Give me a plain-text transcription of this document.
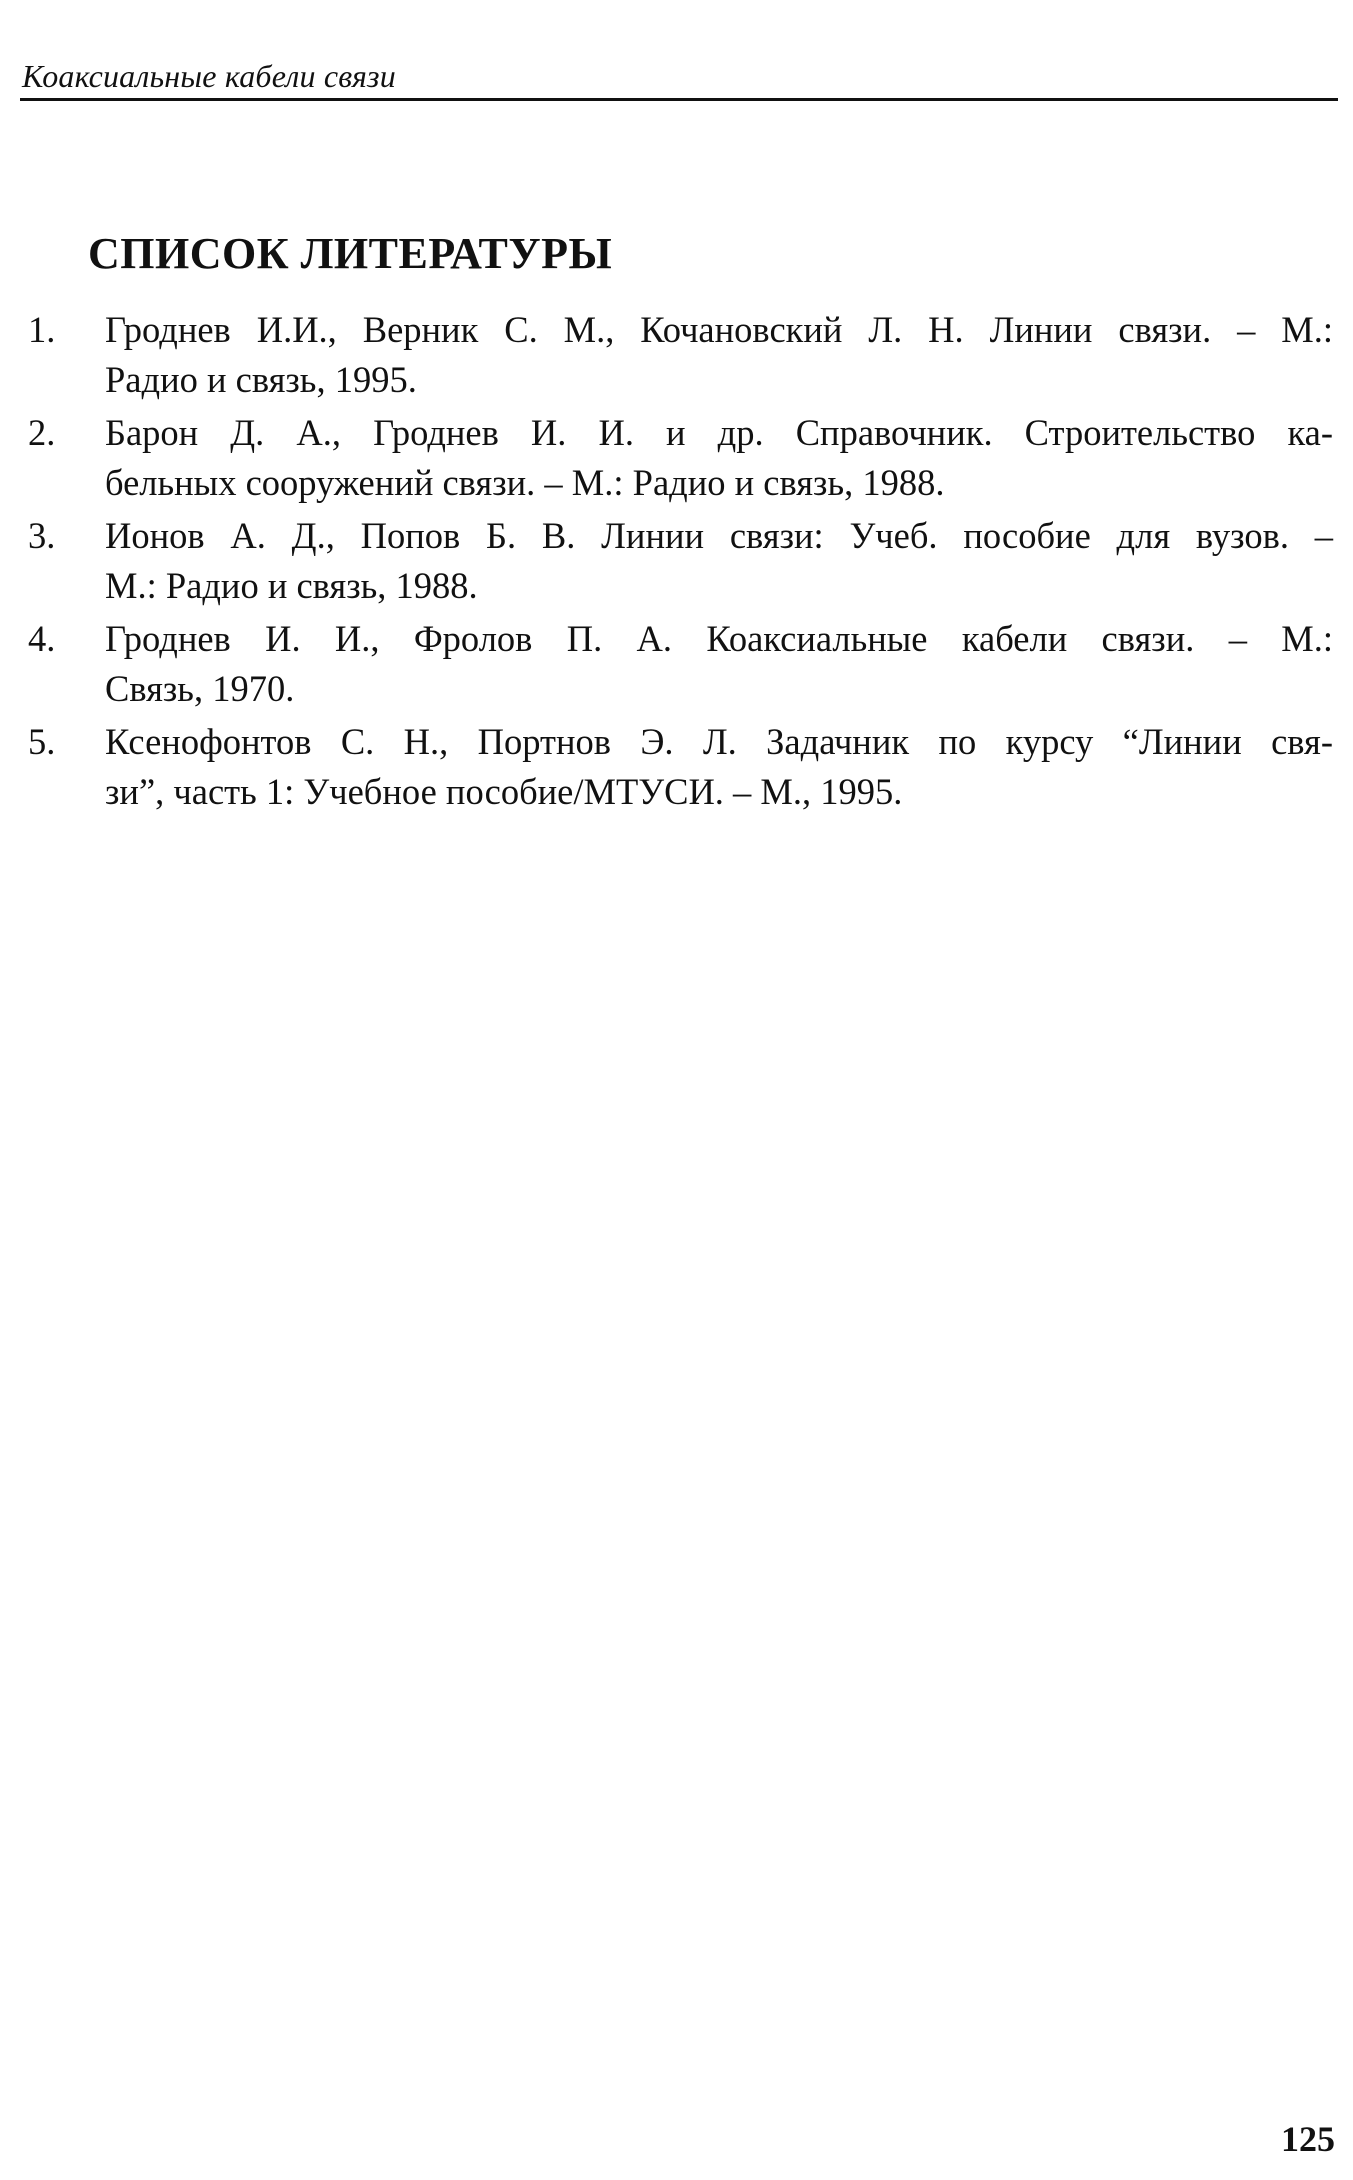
Коаксиальные кабели связи
СПИСОК ЛИТЕРАТУРЫ
1.	Гроднев И.И., Верник С. М., Кочановский Л. Н. Линии связи. – М.:
Радио и связь, 1995.
2.	Барон Д. А., Гроднев И. И. и др. Справочник. Строительство ка-
бельных сооружений связи. – М.: Радио и связь, 1988.
3.	Ионов А. Д., Попов Б. В. Линии связи: Учеб. пособие для вузов. –
М.: Радио и связь, 1988.
4.	Гроднев И. И., Фролов П. А. Коаксиальные кабели связи. – М.:
Связь, 1970.
5.	Ксенофонтов С. Н., Портнов Э. Л. Задачник по курсу “Линии свя-
зи”, часть 1: Учебное пособие/МТУСИ. – М., 1995.
125
